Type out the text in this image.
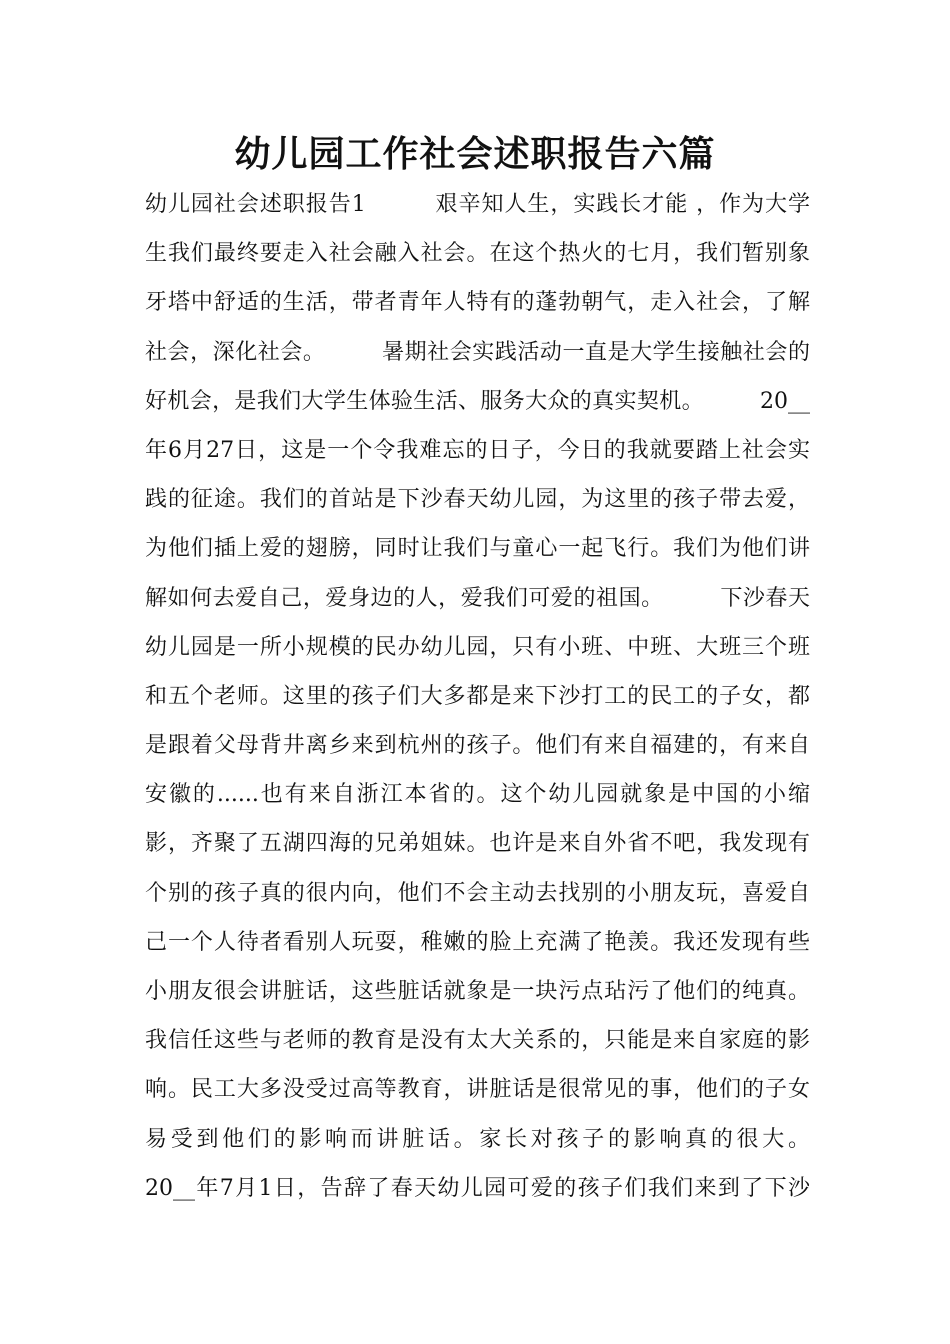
幼儿园工作社会述职报告六篇
幼儿园社会述职报告1　　　艰辛知人生，实践长才能 ，作为大学
生我们最终要走入社会融入社会。在这个热火的七月，我们暂别象
牙塔中舒适的生活，带者青年人特有的蓬勃朝气，走入社会，了解
社会，深化社会。　　　暑期社会实践活动一直是大学生接触社会的
好机会，是我们大学生体验生活、服务大众的真实契机。　　　20__
年6月27日，这是一个令我难忘的日子，今日的我就要踏上社会实
践的征途。我们的首站是下沙春天幼儿园，为这里的孩子带去爱，
为他们插上爱的翅膀，同时让我们与童心一起飞行。我们为他们讲
解如何去爱自己，爱身边的人，爱我们可爱的祖国。　　　下沙春天
幼儿园是一所小规模的民办幼儿园，只有小班、中班、大班三个班
和五个老师。这里的孩子们大多都是来下沙打工的民工的子女，都
是跟着父母背井离乡来到杭州的孩子。他们有来自福建的，有来自
安徽的......也有来自浙江本省的。这个幼儿园就象是中国的小缩
影，齐聚了五湖四海的兄弟姐妹。也许是来自外省不吧，我发现有
个别的孩子真的很内向，他们不会主动去找别的小朋友玩，喜爱自
己一个人待者看别人玩耍，稚嫩的脸上充满了艳羡。我还发现有些
小朋友很会讲脏话，这些脏话就象是一块污点玷污了他们的纯真。
我信任这些与老师的教育是没有太大关系的，只能是来自家庭的影
响。民工大多没受过高等教育，讲脏话是很常见的事，他们的子女
易受到他们的影响而讲脏话。家长对孩子的影响真的很大。
20__年7月1日，告辞了春天幼儿园可爱的孩子们我们来到了下沙
